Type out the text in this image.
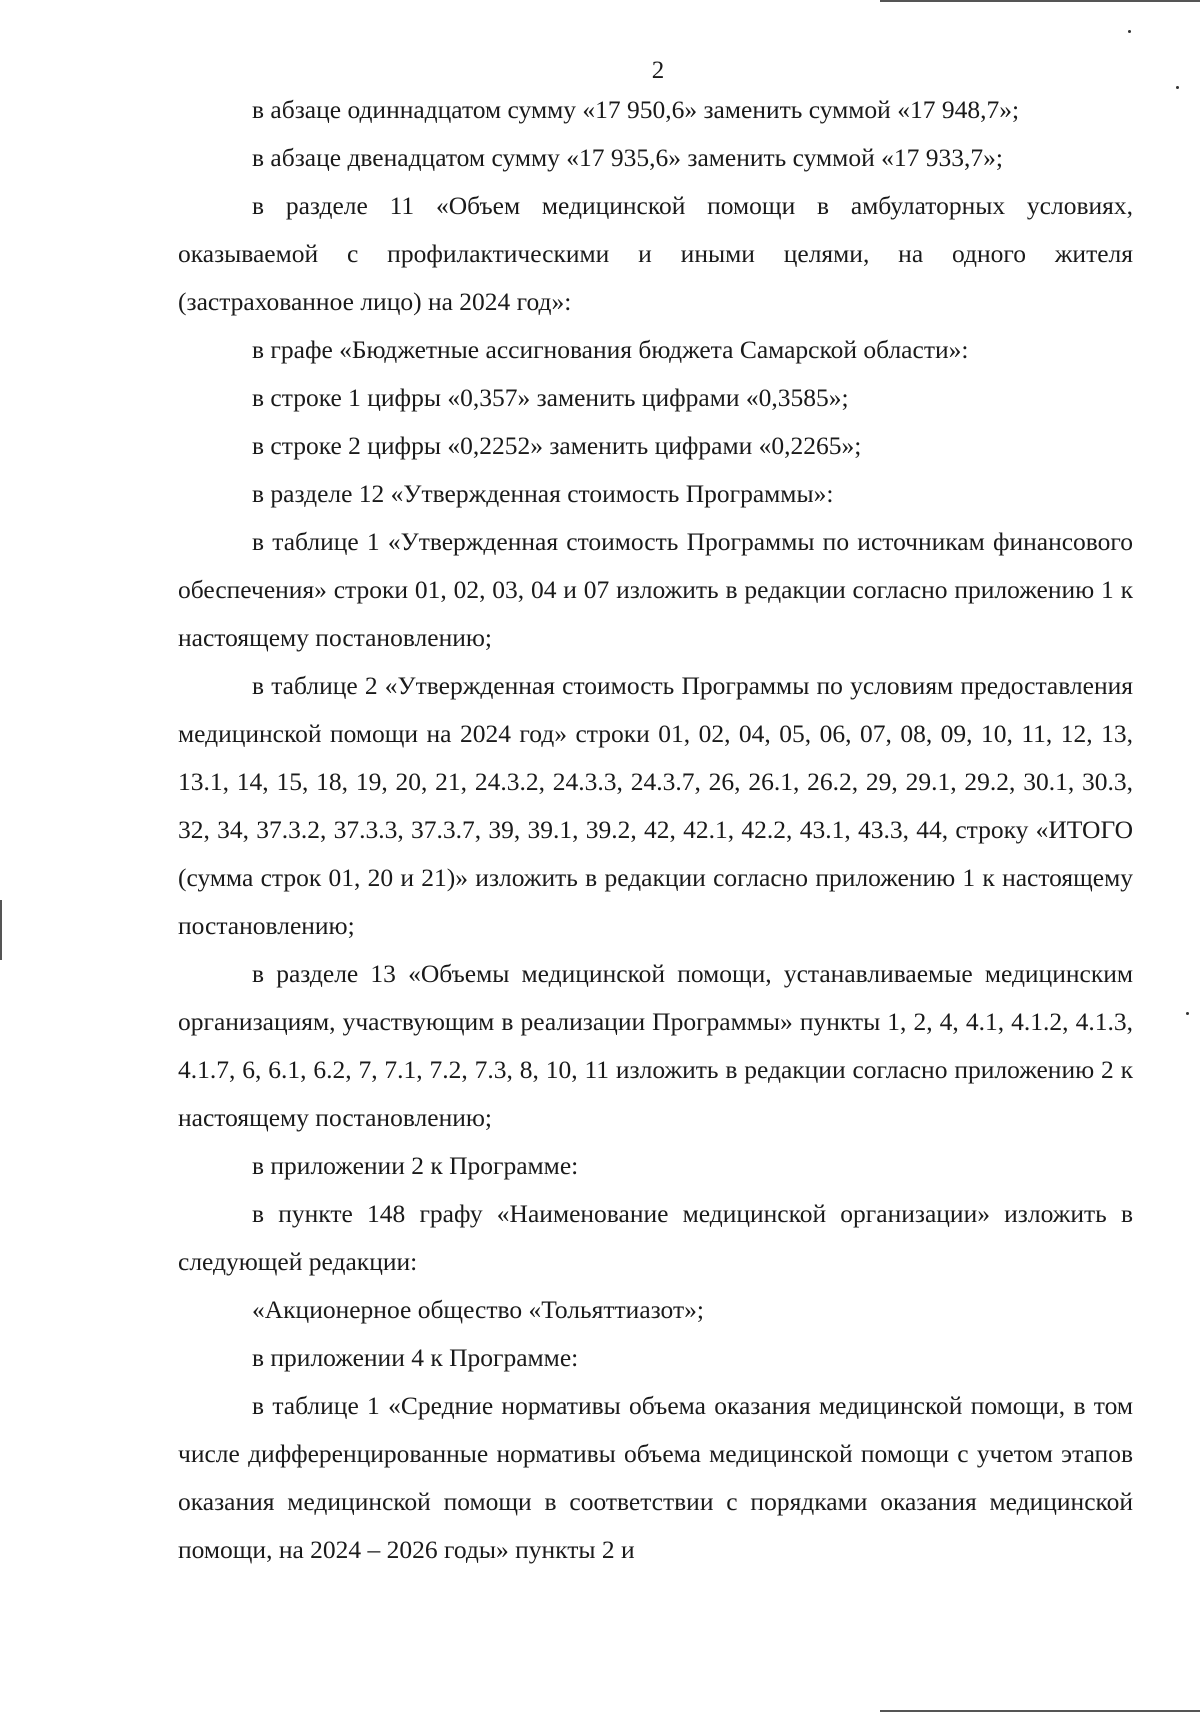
2

в абзаце одиннадцатом сумму «17 950,6» заменить суммой «17 948,7»;

в абзаце двенадцатом сумму «17 935,6» заменить суммой «17 933,7»;

в разделе 11 «Объем медицинской помощи в амбулаторных условиях, оказываемой с профилактическими и иными целями, на одного жителя (застрахованное лицо) на 2024 год»:

в графе «Бюджетные ассигнования бюджета Самарской области»:

в строке 1 цифры «0,357» заменить цифрами «0,3585»;

в строке 2 цифры «0,2252» заменить цифрами «0,2265»;

в разделе 12 «Утвержденная стоимость Программы»:

в таблице 1 «Утвержденная стоимость Программы по источникам финансового обеспечения» строки 01, 02, 03, 04 и 07 изложить в редакции согласно приложению 1 к настоящему постановлению;

в таблице 2 «Утвержденная стоимость Программы по условиям предоставления медицинской помощи на 2024 год» строки 01, 02, 04, 05, 06, 07, 08, 09, 10, 11, 12, 13, 13.1, 14, 15, 18, 19, 20, 21, 24.3.2, 24.3.3, 24.3.7, 26, 26.1, 26.2, 29, 29.1, 29.2, 30.1, 30.3, 32, 34, 37.3.2, 37.3.3, 37.3.7, 39, 39.1, 39.2, 42, 42.1, 42.2, 43.1, 43.3, 44, строку «ИТОГО (сумма строк 01, 20 и 21)» изложить в редакции согласно приложению 1 к настоящему постановлению;

в разделе 13 «Объемы медицинской помощи, устанавливаемые медицинским организациям, участвующим в реализации Программы» пункты 1, 2, 4, 4.1, 4.1.2, 4.1.3, 4.1.7, 6, 6.1, 6.2, 7, 7.1, 7.2, 7.3, 8, 10, 11 изложить в редакции согласно приложению 2 к настоящему постановлению;

в приложении 2 к Программе:

в пункте 148 графу «Наименование медицинской организации» изложить в следующей редакции:

«Акционерное общество «Тольяттиазот»;

в приложении 4 к Программе:

в таблице 1 «Средние нормативы объема оказания медицинской помощи, в том числе дифференцированные нормативы объема медицинской помощи с учетом этапов оказания медицинской помощи в соответствии с порядками оказания медицинской помощи, на 2024 – 2026 годы» пункты 2 и
